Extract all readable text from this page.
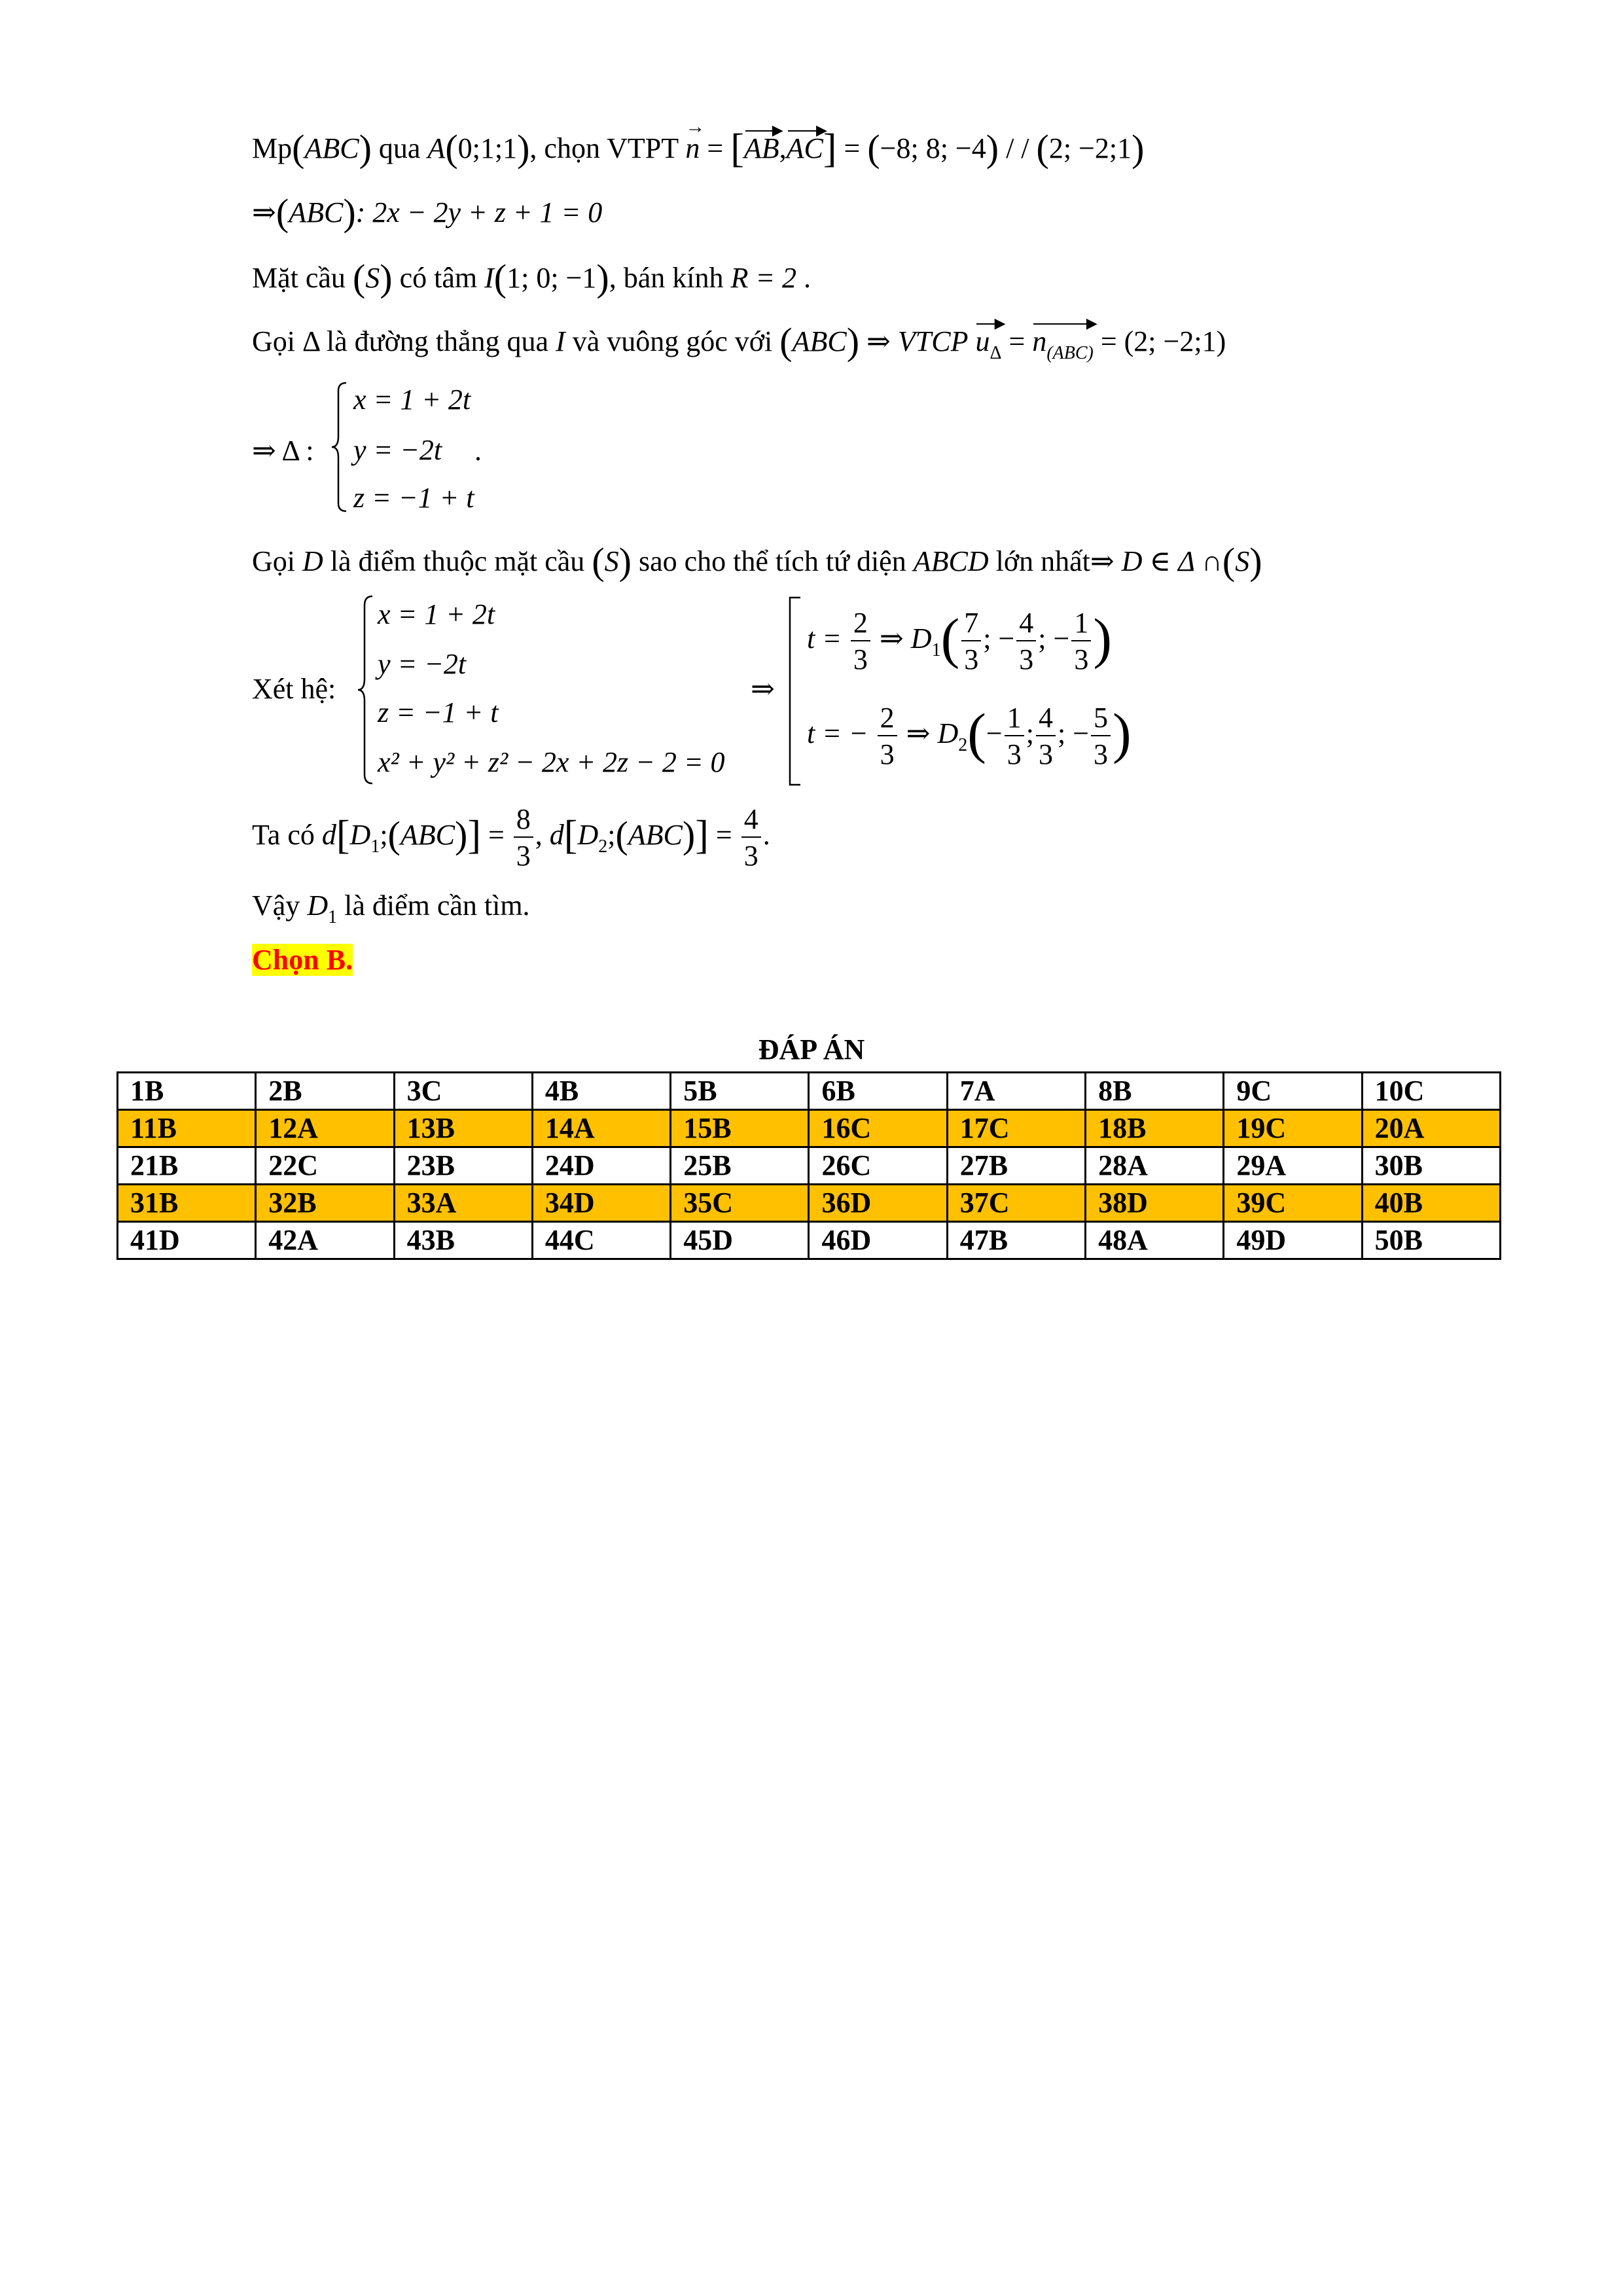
Mp(ABC) qua A(0;1;1), chọn VTPT n → = [AB
▶
,AC
▶
] = (−8; 8; −4) / / (2; −2;1)
⇒(ABC): 2x − 2y + z + 1 = 0
Mặt cầu (S) có tâm I(1; 0; −1), bán kính R = 2 .
Gọi Δ là đường thẳng qua I và vuông góc với (ABC) ⇒ VTCP $u_\Delta$
▶
= $n_{(ABC)}$
▶
= (2; −2;1)
⇒ Δ :
x = 1 + 2t
y = −2t
z = −1 + t
.
Gọi D là điểm thuộc mặt cầu (S) sao cho thể tích tứ diện ABCD lớn nhất⇒ D ∈ Δ ∩(S)
Xét hệ:
x = 1 + 2t
y = −2t
z = −1 + t
x² + y² + z² − 2x + 2z − 2 = 0
⇒
$t = \frac{2}{3}$ ⇒ $D_1( \frac{7}{3}$ ; − $\frac{4}{3}$ ; − $\frac{1}{3}$ )
t = − $\frac{2}{3}$ ⇒ $D_2(- \frac{1}{3}$ ; $\frac{4}{3}$ ; − $\frac{5}{3}$ )
Ta có $d[D_1;(ABC)] = \frac{8}{3}$ , $d[D_2;(ABC)] = \frac{4}{3}$ .
Vậy $D_1$ là điểm cần tìm.
Chọn B.
ĐÁP ÁN
1B	2B	3C	4B	5B	6B	7A	8B	9C	10C
11B	12A	13B	14A	15B	16C	17C	18B	19C	20A
21B	22C	23B	24D	25B	26C	27B	28A	29A	30B
31B	32B	33A	34D	35C	36D	37C	38D	39C	40B
41D	42A	43B	44C	45D	46D	47B	48A	49D	50B
